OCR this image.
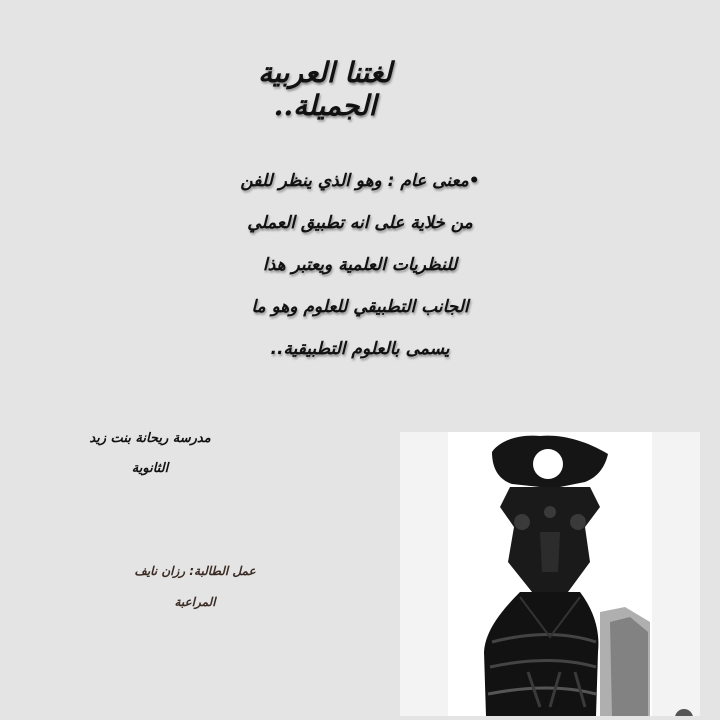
لغتنا العربية الجميلة..
•معنى عام : وهو الذي ينظر للفن
من خلاية على انه تطبيق العملي
للنظريات العلمية ويعتبر هذا
الجانب التطبيقي للعلوم وهو ما
يسمى بالعلوم التطبيقية..
مدرسة ريحانة بنت زيد
الثانوية
عمل الطالبة: رزان نايف
المراعبة
